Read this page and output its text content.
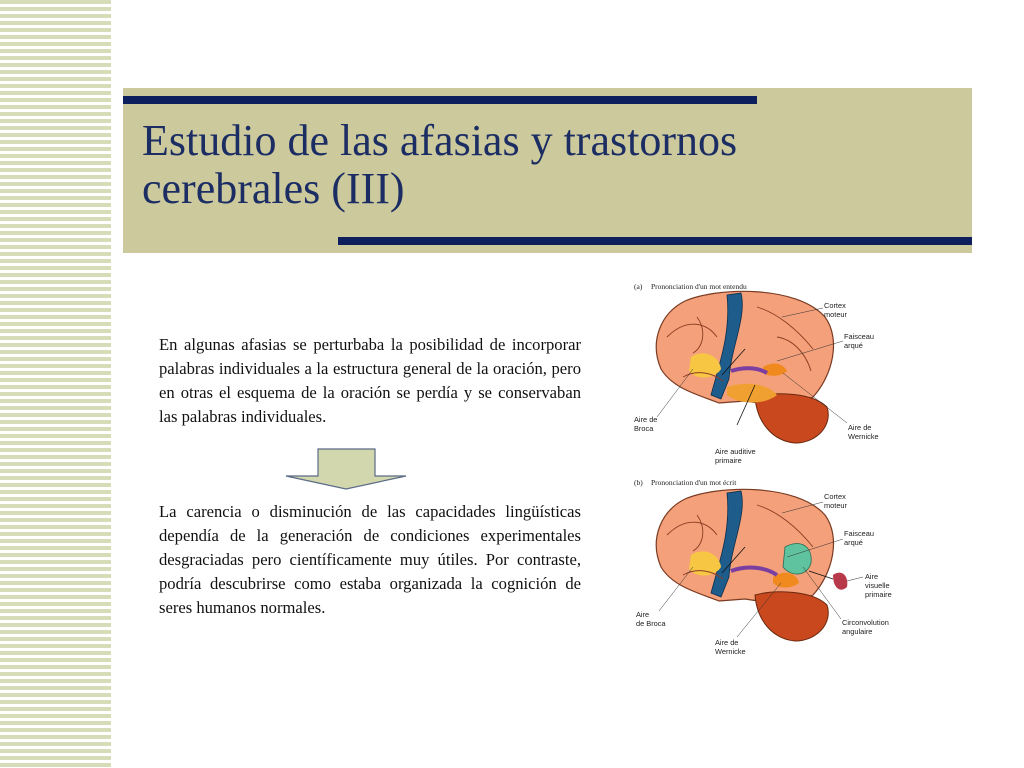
Estudio de las afasias y trastornos
cerebrales (III)

En algunas afasias se perturbaba la posibilidad de incorporar palabras individuales a la estructura general de la oración, pero en otras el esquema de la oración se perdía y se conservaban las palabras individuales.

La carencia o disminución de las capacidades lingüísticas dependía de la generación de condiciones experimentales desgraciadas pero científicamente muy útiles. Por contraste, podría descubrirse como estaba organizada la cognición de seres humanos normales.

(a) Prononciation d'un mot entendu
Cortex
moteur
Faisceau
arqué
Aire de
Broca	Aire de
Wernicke
Aire auditive
primaire
(b) Prononciation d'un mot écrit
Cortex
moteur
Faisceau
arqué
Aire
visuelle
primaire
Aire
de Broca	Circonvolution
angulaire
Aire de
Wernicke
